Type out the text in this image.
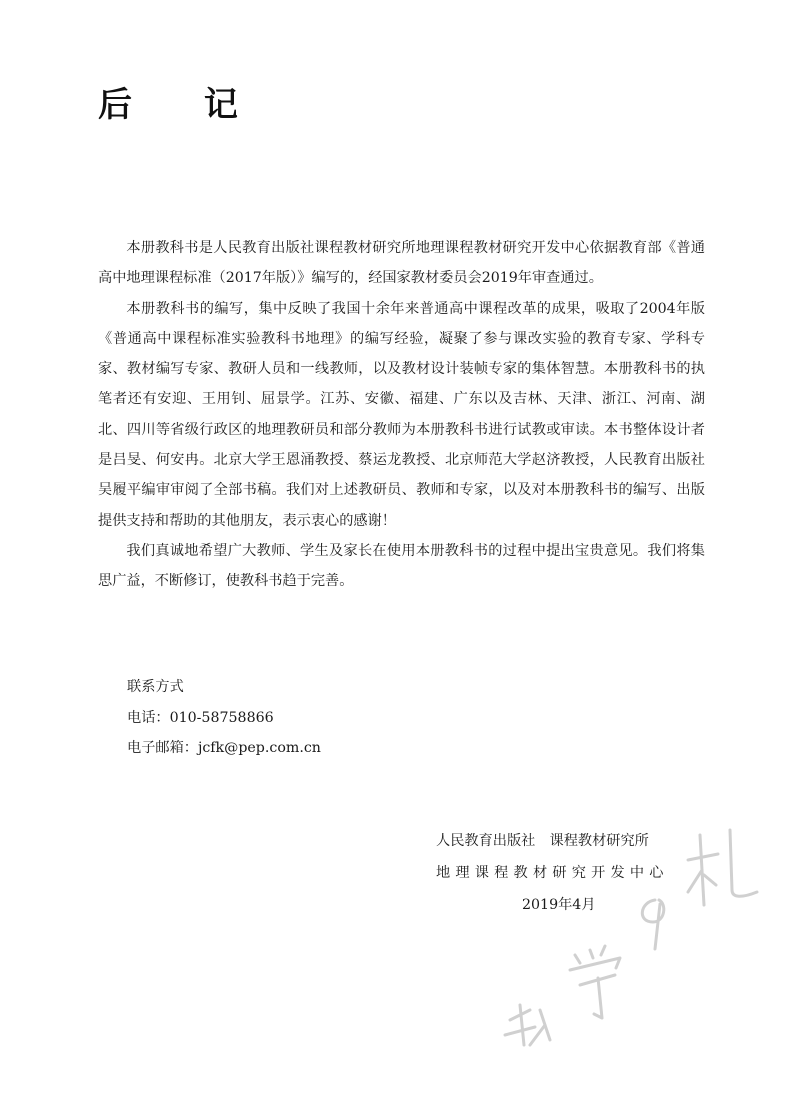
后 记

本册教科书是人民教育出版社课程教材研究所地理课程教材研究开发中心依据教育部《普通高中地理课程标准（2017年版）》编写的，经国家教材委员会2019年审查通过。

本册教科书的编写，集中反映了我国十余年来普通高中课程改革的成果，吸取了2004年版《普通高中课程标准实验教科书地理》的编写经验，凝聚了参与课改实验的教育专家、学科专家、教材编写专家、教研人员和一线教师，以及教材设计装帧专家的集体智慧。本册教科书的执笔者还有安迎、王用钊、屈景学。江苏、安徽、福建、广东以及吉林、天津、浙江、河南、湖北、四川等省级行政区的地理教研员和部分教师为本册教科书进行试教或审读。本书整体设计者是吕旻、何安冉。北京大学王恩涌教授、蔡运龙教授、北京师范大学赵济教授，人民教育出版社吴履平编审审阅了全部书稿。我们对上述教研员、教师和专家，以及对本册教科书的编写、出版提供支持和帮助的其他朋友，表示衷心的感谢！

我们真诚地希望广大教师、学生及家长在使用本册教科书的过程中提出宝贵意见。我们将集思广益，不断修订，使教科书趋于完善。

联系方式
电话：010-58758866
电子邮箱：jcfk@pep.com.cn
人民教育出版社　课程教材研究所
地理课程教材研究开发中心
2019年4月
